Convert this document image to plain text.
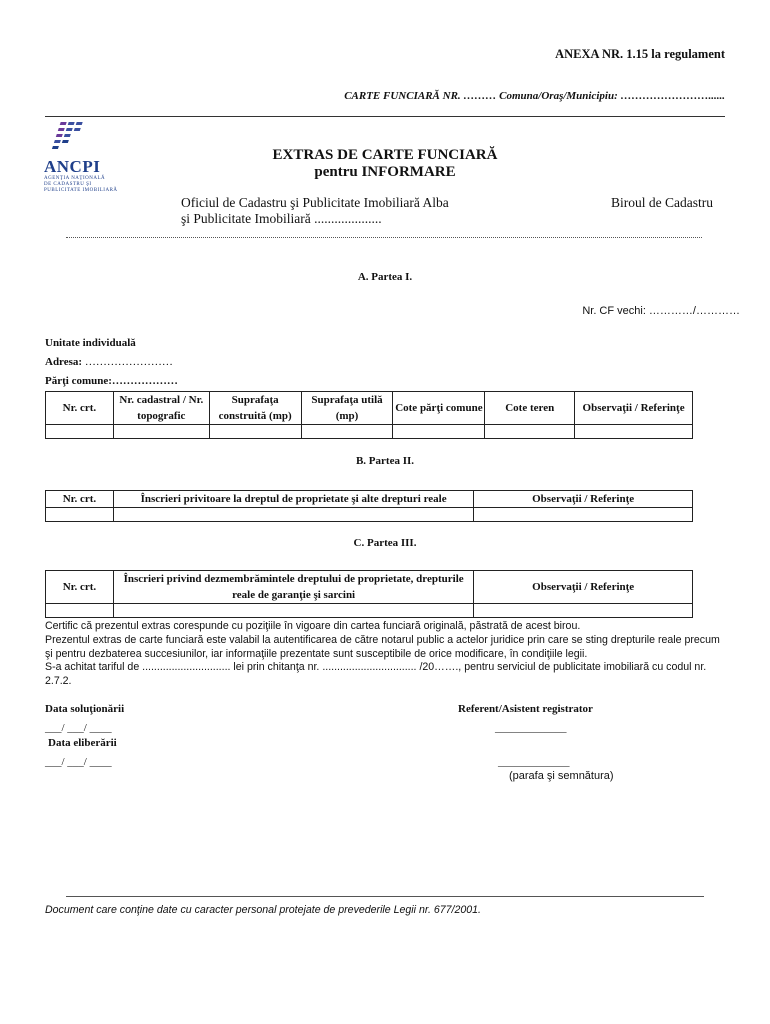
ANEXA NR. 1.15 la regulament
CARTE FUNCIARĂ NR. ……… Comuna/Oraş/Municipiu: ……………………......
ANCPI
AGENŢIA NAŢIONALĂ
DE CADASTRU ŞI
PUBLICITATE IMOBILIARĂ
EXTRAS DE CARTE FUNCIARĂ
pentru INFORMARE
Oficiul de Cadastru şi Publicitate Imobiliară Alba
şi Publicitate Imobiliară ....................
Biroul de Cadastru
A. Partea I.
Nr. CF vechi: …………/…………
Unitate individuală
Adresa: ……………………
Părţi comune:………………
Nr. crt.	Nr. cadastral / Nr. topografic	Suprafaţa construită (mp)	Suprafaţa utilă (mp)	Cote părţi comune	Cote teren	Observaţii / Referinţe

B. Partea II.
Nr. crt.	Înscrieri privitoare la dreptul de proprietate şi alte drepturi reale	Observaţii / Referinţe

C. Partea III.
Nr. crt.	Înscrieri privind dezmembrămintele dreptului de proprietate, drepturile reale de garanţie şi sarcini	Observaţii / Referinţe

Certific că prezentul extras corespunde cu poziţiile în vigoare din cartea funciară originală, păstrată de acest birou.
Prezentul extras de carte funciară este valabil la autentificarea de către notarul public a actelor juridice prin care se sting drepturile reale precum şi pentru dezbaterea succesiunilor, iar informaţiile prezentate sunt susceptibile de orice modificare, în condiţiile legii.
S-a achitat tariful de .............................. lei prin chitanţa nr. ................................ /20……., pentru serviciul de publicitate imobiliară cu codul nr. 2.7.2.
Data soluţionării
___/ ___/ ____
Data eliberării
___/ ___/ ____
Referent/Asistent registrator
_____________
_____________
(parafa şi semnătura)
Document care conţine date cu caracter personal protejate de prevederile Legii nr. 677/2001.
